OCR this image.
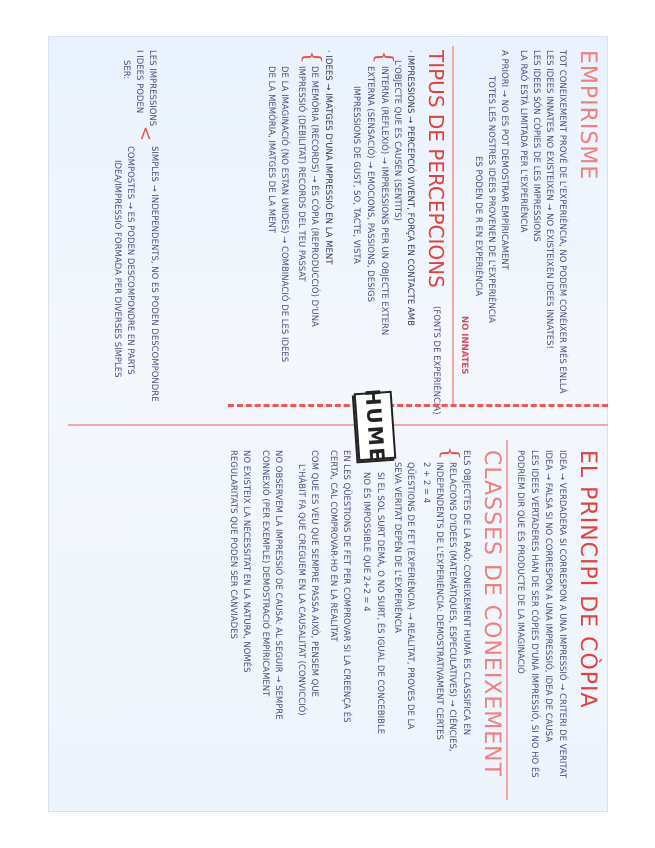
EMPIRISME
TOT CONEIXEMENT PROVÉ DE L'EXPERIÈNCIA, NO PODEM CONÈIXER MÉS ENLLÀ
LES IDEES INNATES NO EXISTEIXEN → NO EXISTEIXEN IDEES INNATES!
LES IDEES SÓN CÒPIES DE LES IMPRESSIONS
LA RAÓ ESTÀ LIMITADA PER L'EXPERIÈNCIA
A PRIORI → NO ES POT DEMOSTRAR EMPÍRICAMENT
TOTES LES NOSTRES IDEES PROVENEN DE L'EXPERIÈNCIA
ES PODEN DE R EN EXPERIÈNCIA
NO INNATES
TIPUS DE PERCEPCIONS
(FONTS DE EXPERIÈNCIA)
· IMPRESSIONS → PERCEPCIÓ VIVENT, FORÇA EN CONTACTE AMB
L'OBJECTE QUE ES CAUSEN (SENTITS)
{
INTERNA (REFLEXIÓ) → IMPRESSIONS PER UN OBJECTE EXTERN
EXTERNA (SENSACIÓ) → EMOCIONS, PASSIONS, DESIGS
IMPRESSIONS DE GUST, SO, TACTE, VISTA
· IDEES → IMATGES D'UNA IMPRESSIÓ EN LA MENT
{
DE MEMÒRIA (RECORDS) → ÉS CÒPIA (REPRODUCCIÓ) D'UNA
IMPRESSIÓ (DEBILITAT) RECORDS DEL TEU PASSAT
DE LA IMAGINACIÓ (NO ESTAN UNIDES) → COMBINACIÓ DE LES IDEES
DE LA MEMÒRIA, IMATGES DE LA MENT
LES IMPRESSIONS
I IDEES PODEN
SER:
<
SIMPLES → INDEPENDENTS, NO ES PODEN DESCOMPONDRE
COMPOSTES → ES PODEN DESCOMPONDRE EN PARTS
IDEA/IMPRESSIÓ FORMADA PER DIVERSES SIMPLES
HUME
EL PRINCIPI DE CÒPIA
IDEA → VERDADERA SI CORRESPON A UNA IMPRESSIÓ → CRITERI DE VERITAT
IDEA → FALSA SI NO CORRESPON A UNA IMPRESSIÓ, IDEA DE CAUSA
LES IDEES VERTADERES HAN DE SER CÒPIES D'UNA IMPRESSIÓ, SI NO HO ÉS
PODRÍEM DIR QUE ÉS PRODUCTE DE LA IMAGINACIÓ
CLASSES DE CONEIXEMENT
ELS OBJECTES DE LA RAÓ: CONEIXEMENT HUMÀ ES CLASSIFICA EN
{
RELACIONS D'IDEES (MATEMÀTIQUES, ESPECULATIVES) → CIÈNCIES,
INDEPENDENTS DE L'EXPERIÈNCIA: DEMOSTRATIVAMENT CERTES
2 + 2 = 4
QÜESTIONS DE FET (EXPERIÈNCIA) → REALITAT, PROVES DE LA
SEVA VERITAT DEPÈN DE L'EXPERIÈNCIA
SI EL SOL SURT DEMÀ, O NO SURT, ÉS IGUAL DE CONCEBIBLE
NO ÉS IMPOSSIBLE QUE 2+2 = 4
EN LES QÜESTIONS DE FET PER COMPROVAR SI LA CREENÇA ÉS
CERTA, CAL COMPROVAR-HO EN LA REALITAT
COM QUE ES VEU QUE SEMPRE PASSA AIXÒ, PENSEM QUE
L'HÀBIT FA QUE CREGUEM EN LA CAUSALITAT (CONVICCIÓ)
NO OBSERVEM LA IMPRESSIÓ DE CAUSA: AL SEGUIR → SEMPRE
CONNEXIÓ (PER EXEMPLE) DEMOSTRACIÓ EMPÍRICAMENT
NO EXISTEIX LA NECESSITAT EN LA NATURA, NOMÉS
REGULARITATS QUE PODEN SER CANVIADES
